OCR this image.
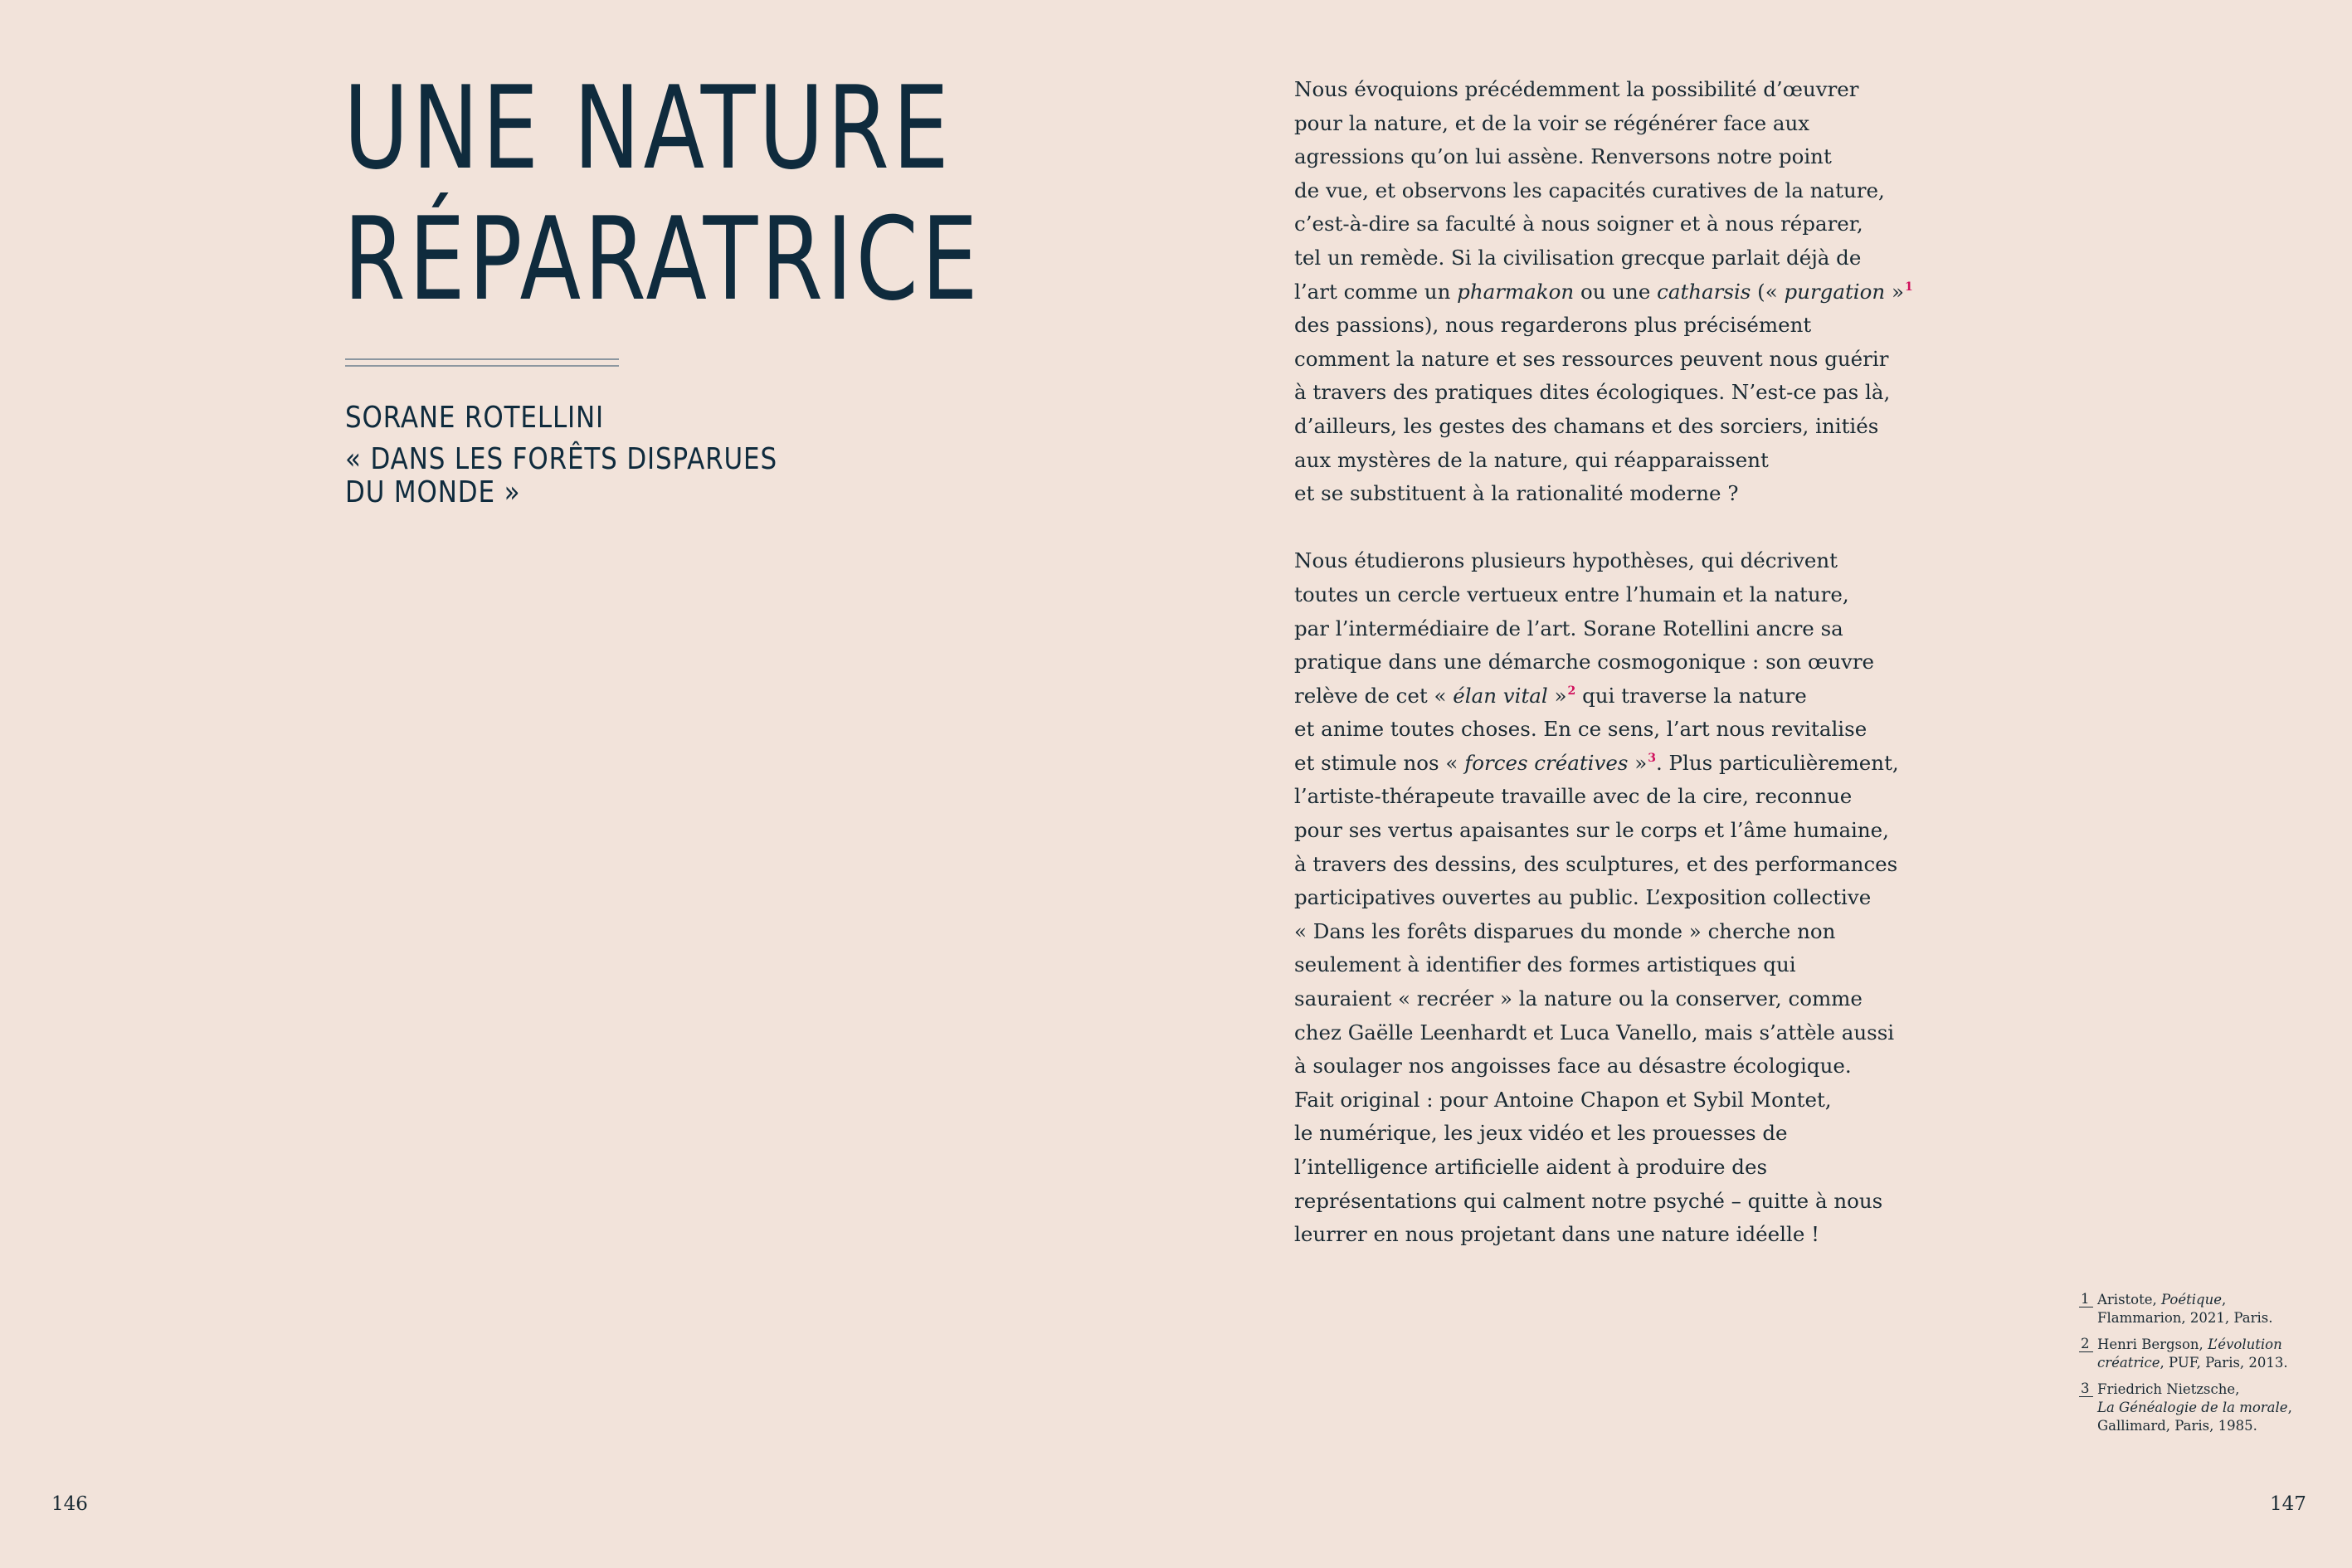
UNE NATURE
RÉPARATRICE
SORANE ROTELLINI
« DANS LES FORÊTS DISPARUES
DU MONDE »
Nous évoquions précédemment la possibilité d’œuvrer
pour la nature, et de la voir se régénérer face aux
agressions qu’on lui assène. Renversons notre point
de vue, et observons les capacités curatives de la nature,
c’est-à-dire sa faculté à nous soigner et à nous réparer,
tel un remède. Si la civilisation grecque parlait déjà de
l’art comme un pharmakon ou une catharsis (« purgation »$^1$
des passions), nous regarderons plus précisément
comment la nature et ses ressources peuvent nous guérir
à travers des pratiques dites écologiques. N’est-ce pas là,
d’ailleurs, les gestes des chamans et des sorciers, initiés
aux mystères de la nature, qui réapparaissent
et se substituent à la rationalité moderne ?
Nous étudierons plusieurs hypothèses, qui décrivent
toutes un cercle vertueux entre l’humain et la nature,
par l’intermédiaire de l’art. Sorane Rotellini ancre sa
pratique dans une démarche cosmogonique : son œuvre
relève de cet « élan vital »$^2$ qui traverse la nature
et anime toutes choses. En ce sens, l’art nous revitalise
et stimule nos « forces créatives »$^3$. Plus particulièrement,
l’artiste-thérapeute travaille avec de la cire, reconnue
pour ses vertus apaisantes sur le corps et l’âme humaine,
à travers des dessins, des sculptures, et des performances
participatives ouvertes au public. L’exposition collective
« Dans les forêts disparues du monde » cherche non
seulement à identifier des formes artistiques qui
sauraient « recréer » la nature ou la conserver, comme
chez Gaëlle Leenhardt et Luca Vanello, mais s’attèle aussi
à soulager nos angoisses face au désastre écologique.
Fait original : pour Antoine Chapon et Sybil Montet,
le numérique, les jeux vidéo et les prouesses de
l’intelligence artificielle aident à produire des
représentations qui calment notre psyché – quitte à nous
leurrer en nous projetant dans une nature idéelle !
1 Aristote, Poétique,
Flammarion, 2021, Paris.
2 Henri Bergson, L’évolution
créatrice, PUF, Paris, 2013.
3 Friedrich Nietzsche,
La Généalogie de la morale,
Gallimard, Paris, 1985.
146	147
